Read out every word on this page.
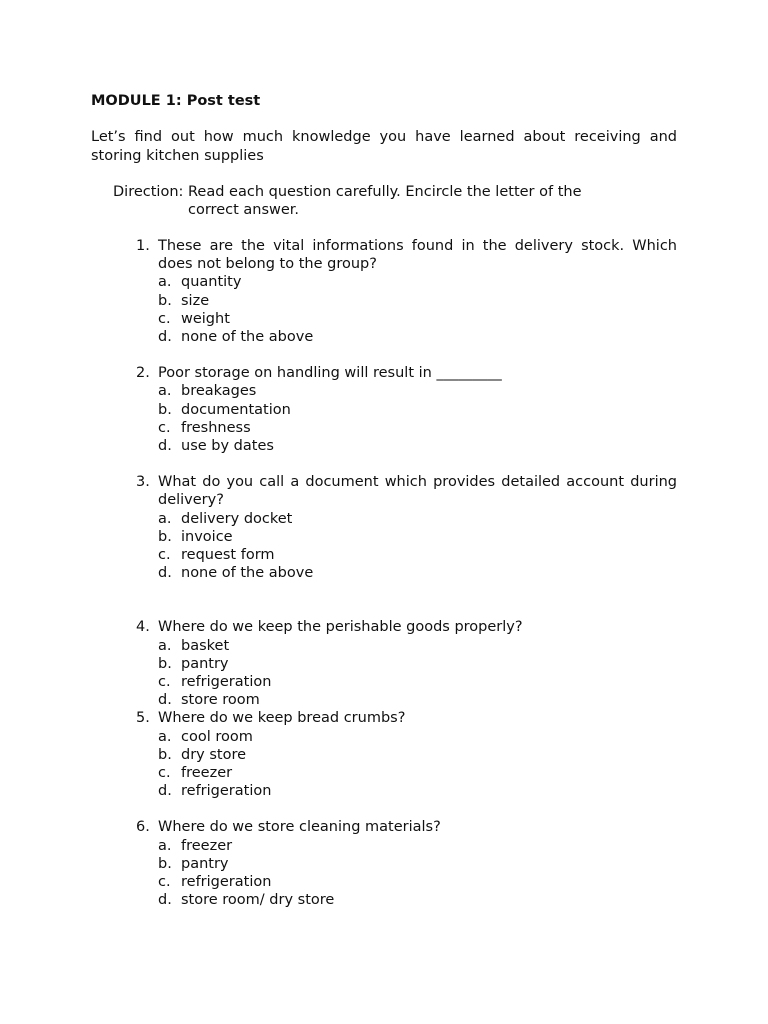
MODULE 1: Post test

Let’s find out how much knowledge you have learned about receiving and storing kitchen supplies

Direction: Read each question carefully. Encircle the letter of the correct answer.
1. These are the vital informations found in the delivery stock. Which does not belong to the group?
a. quantity
b. size
c. weight
d. none of the above
2. Poor storage on handling will result in _________
a. breakages
b. documentation
c. freshness
d. use by dates
3. What do you call a document which provides detailed account during delivery?
a. delivery docket
b. invoice
c. request form
d. none of the above
4. Where do we keep the perishable goods properly?
a. basket
b. pantry
c. refrigeration
d. store room
5. Where do we keep bread crumbs?
a. cool room
b. dry store
c. freezer
d. refrigeration
6. Where do we store cleaning materials?
a. freezer
b. pantry
c. refrigeration
d. store room/ dry store
